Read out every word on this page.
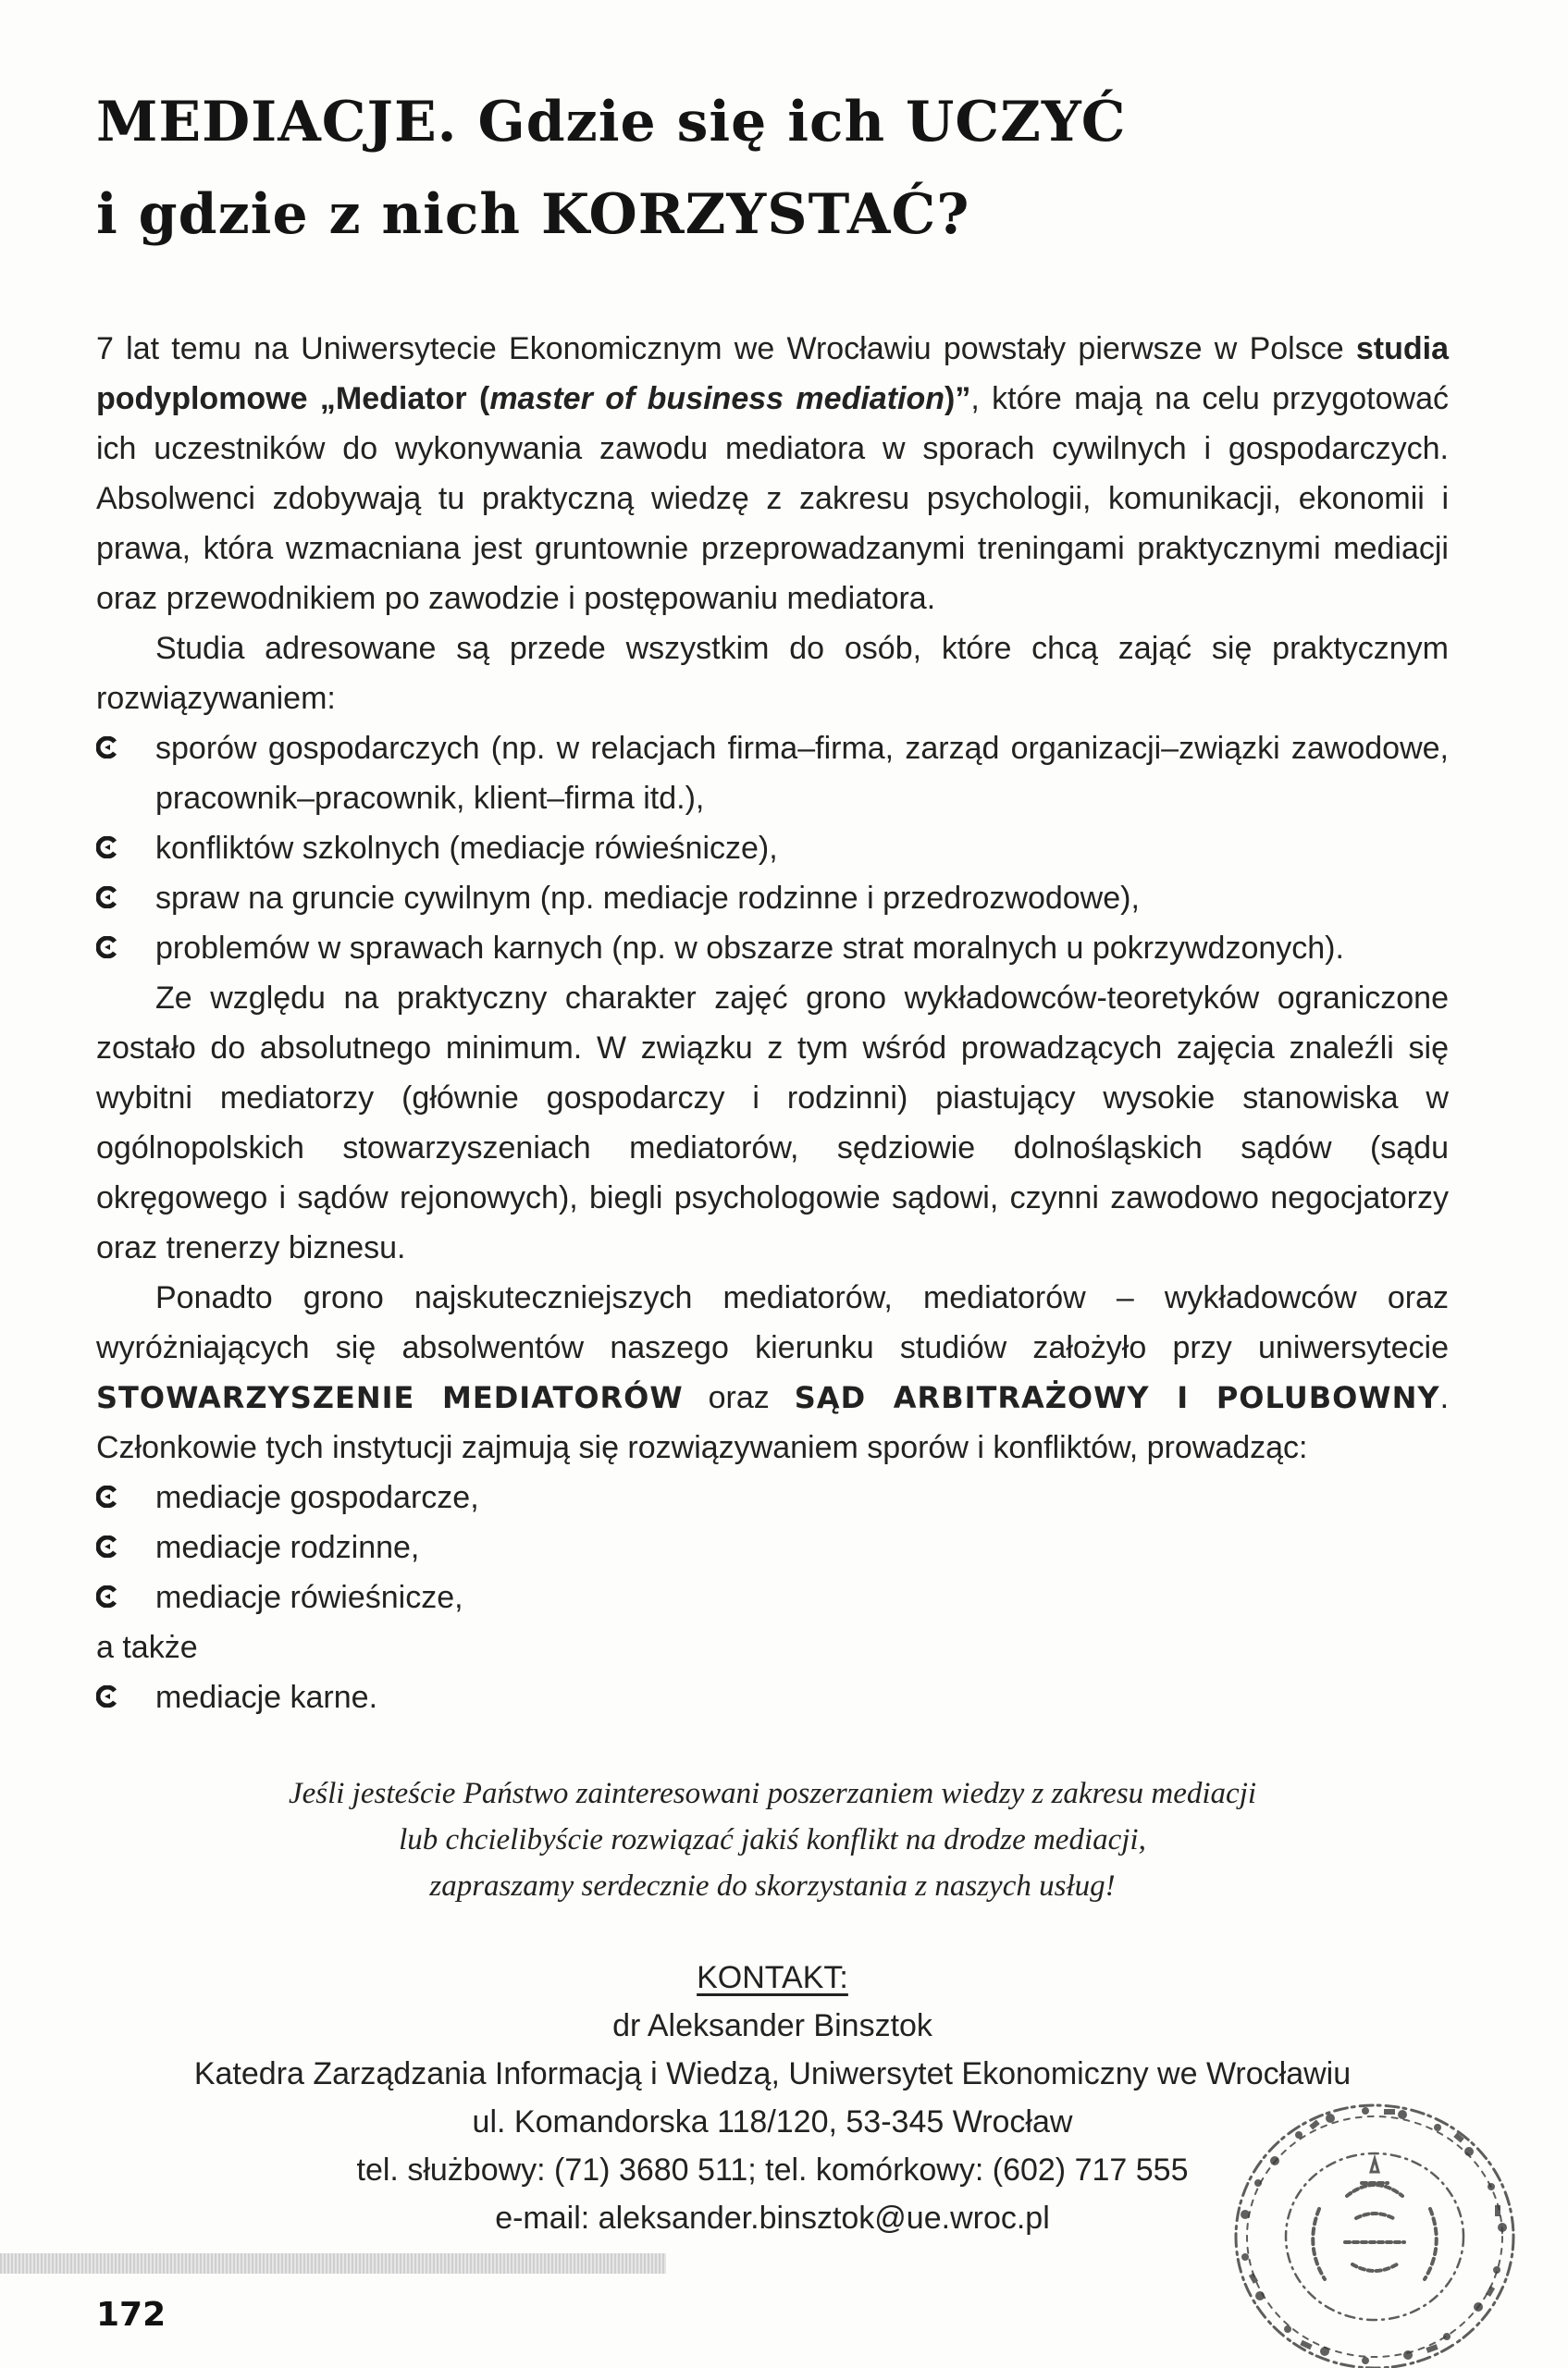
MEDIACJE. Gdzie się ich UCZYĆ
i gdzie z nich KORZYSTAĆ?

7 lat temu na Uniwersytecie Ekonomicznym we Wrocławiu powstały pierwsze w Polsce studia podyplomowe „Mediator (master of business mediation)”, które mają na celu przygotować ich uczestników do wykonywania zawodu mediatora w sporach cywilnych i gospodarczych. Absolwenci zdobywają tu praktyczną wiedzę z zakresu psychologii, komunikacji, ekonomii i prawa, która wzmacniana jest gruntownie przeprowadzanymi treningami praktycznymi mediacji oraz przewodnikiem po zawodzie i postępowaniu mediatora.

Studia adresowane są przede wszystkim do osób, które chcą zająć się praktycznym rozwiązywaniem:

sporów gospodarczych (np. w relacjach firma–firma, zarząd organizacji–związki zawodowe, pracownik–pracownik, klient–firma itd.),
konfliktów szkolnych (mediacje rówieśnicze),
spraw na gruncie cywilnym (np. mediacje rodzinne i przedrozwodowe),
problemów w sprawach karnych (np. w obszarze strat moralnych u pokrzywdzonych).

Ze względu na praktyczny charakter zajęć grono wykładowców-teoretyków ograniczone zostało do absolutnego minimum. W związku z tym wśród prowadzących zajęcia znaleźli się wybitni mediatorzy (głównie gospodarczy i rodzinni) piastujący wysokie stanowiska w ogólnopolskich stowarzyszeniach mediatorów, sędziowie dolnośląskich sądów (sądu okręgowego i sądów rejonowych), biegli psychologowie sądowi, czynni zawodowo negocjatorzy oraz trenerzy biznesu.

Ponadto grono najskuteczniejszych mediatorów, mediatorów – wykładowców oraz wyróżniających się absolwentów naszego kierunku studiów założyło przy uniwersytecie STOWARZYSZENIE MEDIATORÓW oraz SĄD ARBITRAŻOWY I POLUBOWNY. Członkowie tych instytucji zajmują się rozwiązywaniem sporów i konfliktów, prowadząc:

mediacje gospodarcze,
mediacje rodzinne,
mediacje rówieśnicze,

a także

mediacje karne.
Jeśli jesteście Państwo zainteresowani poszerzaniem wiedzy z zakresu mediacji
lub chcielibyście rozwiązać jakiś konflikt na drodze mediacji,
zapraszamy serdecznie do skorzystania z naszych usług!
KONTAKT:
dr Aleksander Binsztok
Katedra Zarządzania Informacją i Wiedzą, Uniwersytet Ekonomiczny we Wrocławiu
ul. Komandorska 118/120, 53-345 Wrocław
tel. służbowy: (71) 3680 511; tel. komórkowy: (602) 717 555
e-mail: aleksander.binsztok@ue.wroc.pl
172
